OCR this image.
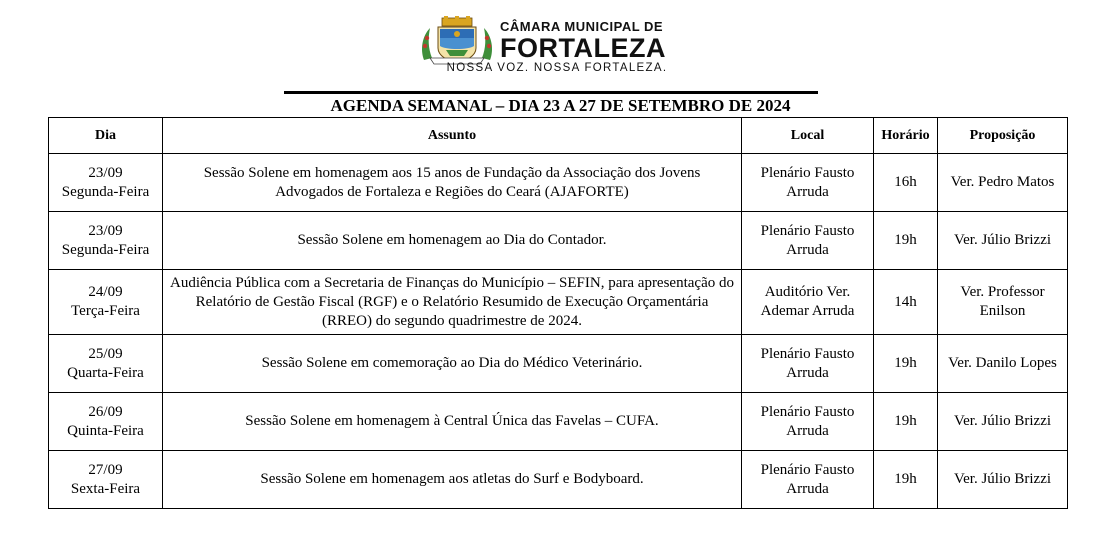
CÂMARA MUNICIPAL DE
FORTALEZA
NOSSA VOZ. NOSSA FORTALEZA.
AGENDA SEMANAL – DIA 23 A 27 DE SETEMBRO DE 2024
Dia	Assunto	Local	Horário	Proposição

23/09
Segunda-Feira	Sessão Solene em homenagem aos 15 anos de Fundação da Associação dos Jovens Advogados de Fortaleza e Regiões do Ceará (AJAFORTE)	Plenário Fausto Arruda	16h	Ver. Pedro Matos

23/09
Segunda-Feira	Sessão Solene em homenagem ao Dia do Contador.	Plenário Fausto Arruda	19h	Ver. Júlio Brizzi

24/09
Terça-Feira	Audiência Pública com a Secretaria de Finanças do Município – SEFIN, para apresentação do Relatório de Gestão Fiscal (RGF) e o Relatório Resumido de Execução Orçamentária (RREO) do segundo quadrimestre de 2024.	Auditório Ver. Ademar Arruda	14h	Ver. Professor Enilson

25/09
Quarta-Feira	Sessão Solene em comemoração ao Dia do Médico Veterinário.	Plenário Fausto Arruda	19h	Ver. Danilo Lopes

26/09
Quinta-Feira	Sessão Solene em homenagem à Central Única das Favelas – CUFA.	Plenário Fausto Arruda	19h	Ver. Júlio Brizzi

27/09
Sexta-Feira	Sessão Solene em homenagem aos atletas do Surf e Bodyboard.	Plenário Fausto Arruda	19h	Ver. Júlio Brizzi
